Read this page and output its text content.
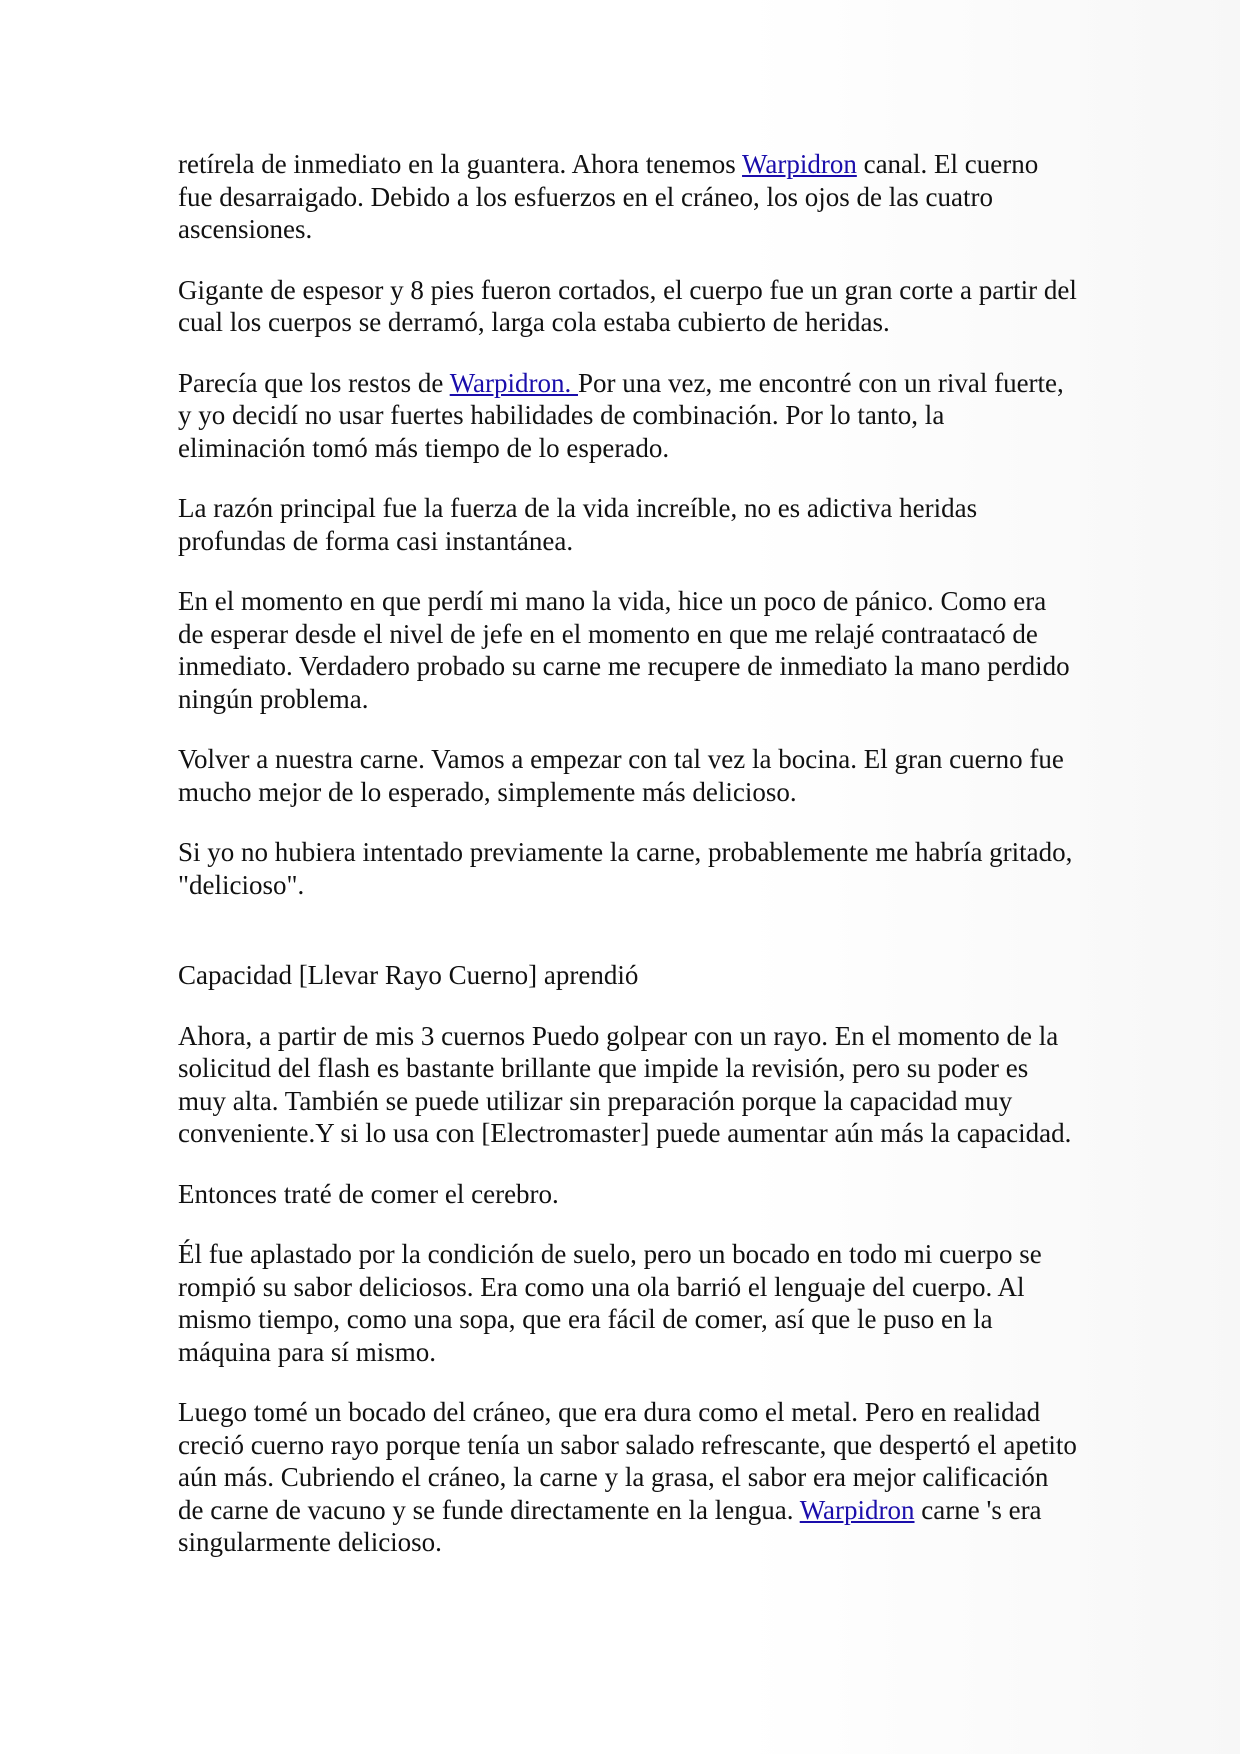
retírela de inmediato en la guantera. Ahora tenemos Warpidron canal. El cuerno fue desarraigado. Debido a los esfuerzos en el cráneo, los ojos de las cuatro ascensiones.

Gigante de espesor y 8 pies fueron cortados, el cuerpo fue un gran corte a partir del cual los cuerpos se derramó, larga cola estaba cubierto de heridas.

Parecía que los restos de Warpidron. Por una vez, me encontré con un rival fuerte, y yo decidí no usar fuertes habilidades de combinación. Por lo tanto, la eliminación tomó más tiempo de lo esperado.

La razón principal fue la fuerza de la vida increíble, no es adictiva heridas profundas de forma casi instantánea.

En el momento en que perdí mi mano la vida, hice un poco de pánico. Como era de esperar desde el nivel de jefe en el momento en que me relajé contraatacó de inmediato. Verdadero probado su carne me recupere de inmediato la mano perdido ningún problema.

Volver a nuestra carne. Vamos a empezar con tal vez la bocina. El gran cuerno fue mucho mejor de lo esperado, simplemente más delicioso.

Si yo no hubiera intentado previamente la carne, probablemente me habría gritado, "delicioso".

Capacidad [Llevar Rayo Cuerno] aprendió

Ahora, a partir de mis 3 cuernos Puedo golpear con un rayo. En el momento de la solicitud del flash es bastante brillante que impide la revisión, pero su poder es muy alta. También se puede utilizar sin preparación porque la capacidad muy conveniente.Y si lo usa con [Electromaster] puede aumentar aún más la capacidad.

Entonces traté de comer el cerebro.

Él fue aplastado por la condición de suelo, pero un bocado en todo mi cuerpo se rompió su sabor deliciosos. Era como una ola barrió el lenguaje del cuerpo. Al mismo tiempo, como una sopa, que era fácil de comer, así que le puso en la máquina para sí mismo.

Luego tomé un bocado del cráneo, que era dura como el metal. Pero en realidad creció cuerno rayo porque tenía un sabor salado refrescante, que despertó el apetito aún más. Cubriendo el cráneo, la carne y la grasa, el sabor era mejor calificación de carne de vacuno y se funde directamente en la lengua. Warpidron carne 's era singularmente delicioso.
